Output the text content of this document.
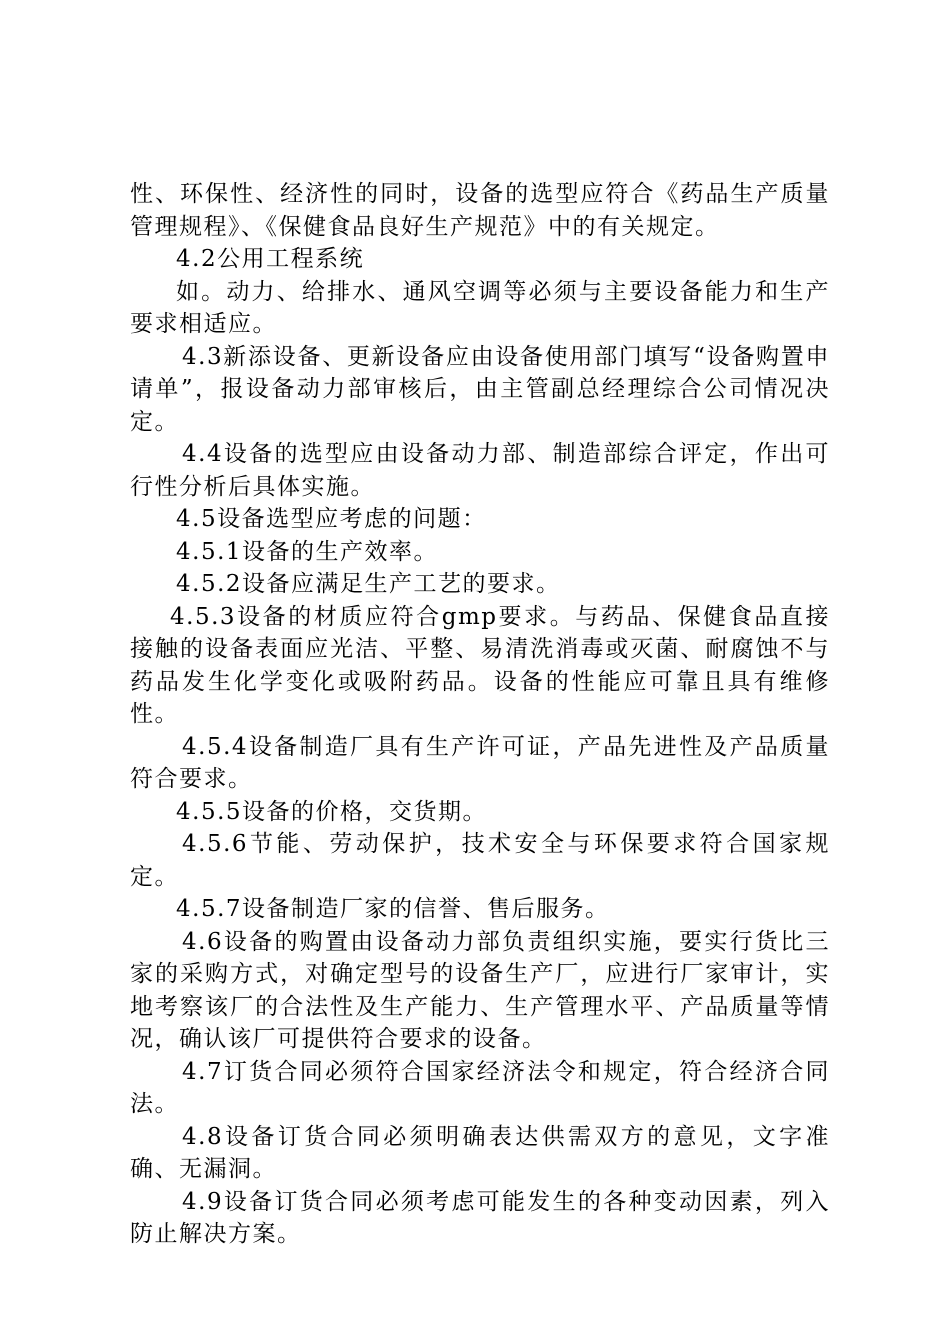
性、环保性、经济性的同时，设备的选型应符合《药品生产质量管理规程》、《保健食品良好生产规范》中的有关规定。

4.2公用工程系统

如。动力、给排水、通风空调等必须与主要设备能力和生产要求相适应。

4.3新添设备、更新设备应由设备使用部门填写“设备购置申请单”，报设备动力部审核后，由主管副总经理综合公司情况决定。

4.4设备的选型应由设备动力部、制造部综合评定，作出可行性分析后具体实施。

4.5设备选型应考虑的问题：

4.5.1设备的生产效率。

4.5.2设备应满足生产工艺的要求。

4.5.3设备的材质应符合gmp要求。与药品、保健食品直接接触的设备表面应光洁、平整、易清洗消毒或灭菌、耐腐蚀不与药品发生化学变化或吸附药品。设备的性能应可靠且具有维修性。

4.5.4设备制造厂具有生产许可证，产品先进性及产品质量符合要求。

4.5.5设备的价格，交货期。

4.5.6节能、劳动保护，技术安全与环保要求符合国家规定。

4.5.7设备制造厂家的信誉、售后服务。

4.6设备的购置由设备动力部负责组织实施，要实行货比三家的采购方式，对确定型号的设备生产厂，应进行厂家审计，实地考察该厂的合法性及生产能力、生产管理水平、产品质量等情况，确认该厂可提供符合要求的设备。

4.7订货合同必须符合国家经济法令和规定，符合经济合同法。

4.8设备订货合同必须明确表达供需双方的意见，文字准确、无漏洞。

4.9设备订货合同必须考虑可能发生的各种变动因素，列入防止解决方案。
